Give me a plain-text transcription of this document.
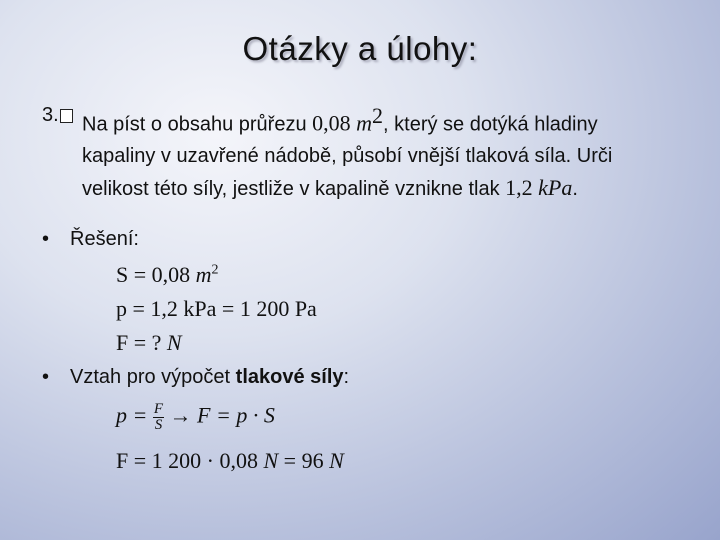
Otázky a úlohy:
3.	Na píst o obsahu průřezu 0,08 $m^2$, který se dotýká hladiny
kapaliny v uzavřené nádobě, působí vnější tlaková síla. Urči
velikost této síly, jestliže v kapalině vznikne tlak 1,2 kPa.
• Řešení:
S = 0,08 $m^2$
p = 1,2 kPa = 1 200 Pa
F = ? N
• Vztah pro výpočet tlakové síly:
$p = \frac{F}{S} \to F = p \cdot S$
F = 1 200 · 0,08 N = 96 N
